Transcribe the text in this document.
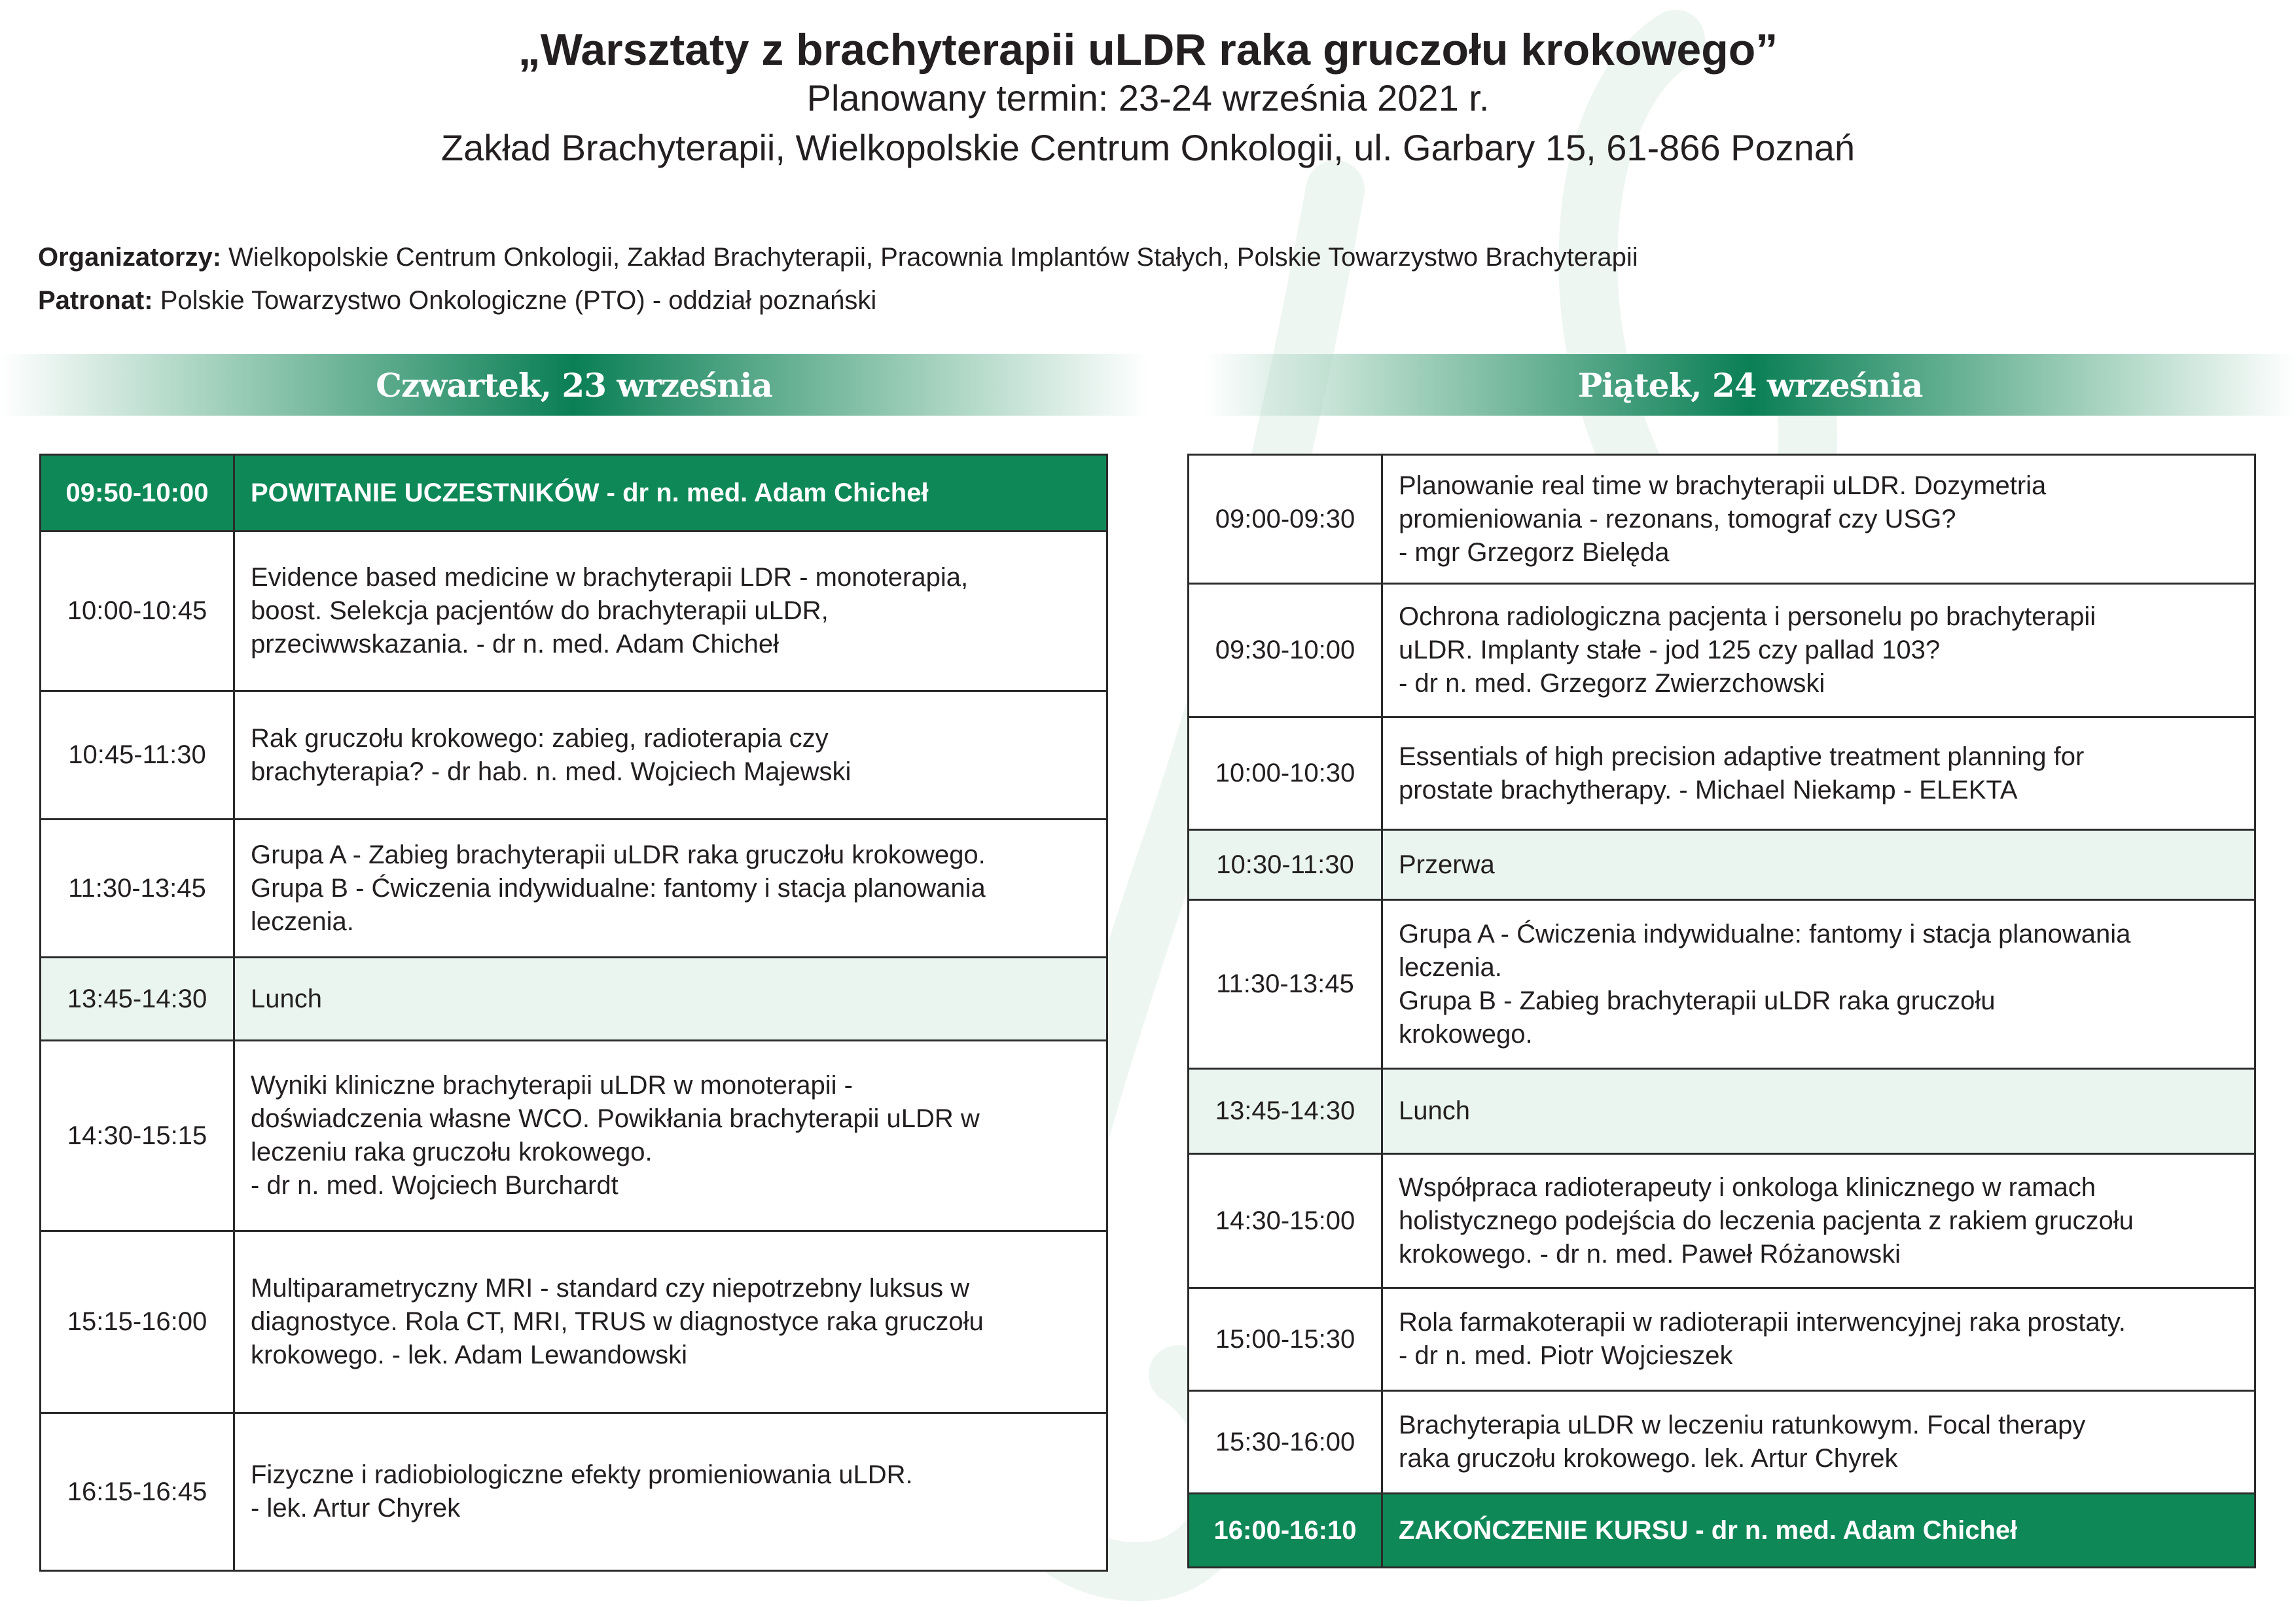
„Warsztaty z brachyterapii uLDR raka gruczołu krokowego”
Planowany termin: 23-24 września 2021 r.
Zakład Brachyterapii, Wielkopolskie Centrum Onkologii, ul. Garbary 15, 61-866 Poznań
Organizatorzy: Wielkopolskie Centrum Onkologii, Zakład Brachyterapii, Pracownia Implantów Stałych, Polskie Towarzystwo Brachyterapii
Patronat: Polskie Towarzystwo Onkologiczne (PTO) - oddział poznański
Czwartek, 23 września	Piątek, 24 września
09:50-10:00	POWITANIE UCZESTNIKÓW - dr n. med. Adam Chicheł

10:00-10:45	Evidence based medicine w brachyterapii LDR - monoterapia,
boost. Selekcja pacjentów do brachyterapii uLDR,
przeciwwskazania. - dr n. med. Adam Chicheł

10:45-11:30	Rak gruczołu krokowego: zabieg, radioterapia czy
brachyterapia? - dr hab. n. med. Wojciech Majewski

11:30-13:45	Grupa A - Zabieg brachyterapii uLDR raka gruczołu krokowego.
Grupa B - Ćwiczenia indywidualne: fantomy i stacja planowania
leczenia.

13:45-14:30	Lunch

14:30-15:15	Wyniki kliniczne brachyterapii uLDR w monoterapii -
doświadczenia własne WCO. Powikłania brachyterapii uLDR w
leczeniu raka gruczołu krokowego.
- dr n. med. Wojciech Burchardt

15:15-16:00	Multiparametryczny MRI - standard czy niepotrzebny luksus w
diagnostyce. Rola CT, MRI, TRUS w diagnostyce raka gruczołu
krokowego. - lek. Adam Lewandowski

16:15-16:45	Fizyczne i radiobiologiczne efekty promieniowania uLDR.
- lek. Artur Chyrek
09:00-09:30	Planowanie real time w brachyterapii uLDR. Dozymetria
promieniowania - rezonans, tomograf czy USG?
- mgr Grzegorz Bielęda

09:30-10:00	Ochrona radiologiczna pacjenta i personelu po brachyterapii
uLDR. Implanty stałe - jod 125 czy pallad 103?
- dr n. med. Grzegorz Zwierzchowski

10:00-10:30	Essentials of high precision adaptive treatment planning for
prostate brachytherapy. - Michael Niekamp - ELEKTA

10:30-11:30	Przerwa

11:30-13:45	Grupa A - Ćwiczenia indywidualne: fantomy i stacja planowania
leczenia.
Grupa B - Zabieg brachyterapii uLDR raka gruczołu
krokowego.

13:45-14:30	Lunch

14:30-15:00	Współpraca radioterapeuty i onkologa klinicznego w ramach
holistycznego podejścia do leczenia pacjenta z rakiem gruczołu
krokowego. - dr n. med. Paweł Różanowski

15:00-15:30	Rola farmakoterapii w radioterapii interwencyjnej raka prostaty.
- dr n. med. Piotr Wojcieszek

15:30-16:00	Brachyterapia uLDR w leczeniu ratunkowym. Focal therapy
raka gruczołu krokowego. lek. Artur Chyrek

16:00-16:10	ZAKOŃCZENIE KURSU - dr n. med. Adam Chicheł
